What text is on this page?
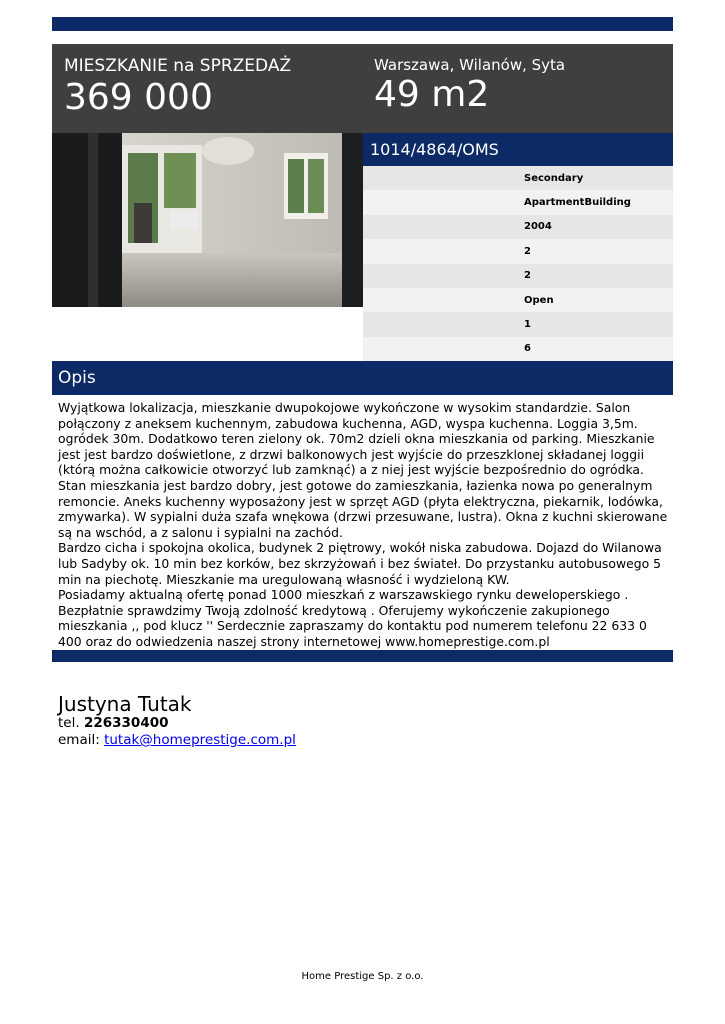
MIESZKANIE na SPRZEDAŻ
369 000
Warszawa, Wilanów, Syta
49 m2
1014/4864/OMS
Secondary
ApartmentBuilding
2004
2
2
Open
1
6
Opis
Wyjątkowa lokalizacja, mieszkanie dwupokojowe wykończone w wysokim standardzie. Salon połączony z aneksem kuchennym, zabudowa kuchenna, AGD, wyspa kuchenna. Loggia 3,5m. ogródek 30m. Dodatkowo teren zielony ok. 70m2 dzieli okna mieszkania od parking. Mieszkanie jest jest bardzo doświetlone, z drzwi balkonowych jest wyjście do przeszklonej składanej loggii (którą można całkowicie otworzyć lub zamknąć) a z niej jest wyjście bezpośrednio do ogródka. Stan mieszkania jest bardzo dobry, jest gotowe do zamieszkania, łazienka nowa po generalnym remoncie. Aneks kuchenny wyposażony jest w sprzęt AGD (płyta elektryczna, piekarnik, lodówka, zmywarka). W sypialni duża szafa wnękowa (drzwi przesuwane, lustra). Okna z kuchni skierowane są na wschód, a z salonu i sypialni na zachód.
Bardzo cicha i spokojna okolica, budynek 2 piętrowy, wokół niska zabudowa. Dojazd do Wilanowa lub Sadyby ok. 10 min bez korków, bez skrzyżowań i bez świateł. Do przystanku autobusowego 5 min na piechotę. Mieszkanie ma uregulowaną własność i wydzieloną KW.
Posiadamy aktualną ofertę ponad 1000 mieszkań z warszawskiego rynku deweloperskiego . Bezpłatnie sprawdzimy Twoją zdolność kredytową . Oferujemy wykończenie zakupionego mieszkania ,, pod klucz '' Serdecznie zapraszamy do kontaktu pod numerem telefonu 22 633 0 400 oraz do odwiedzenia naszej strony internetowej www.homeprestige.com.pl
Justyna Tutak
tel. 226330400
email: tutak@homeprestige.com.pl
Home Prestige Sp. z o.o.
